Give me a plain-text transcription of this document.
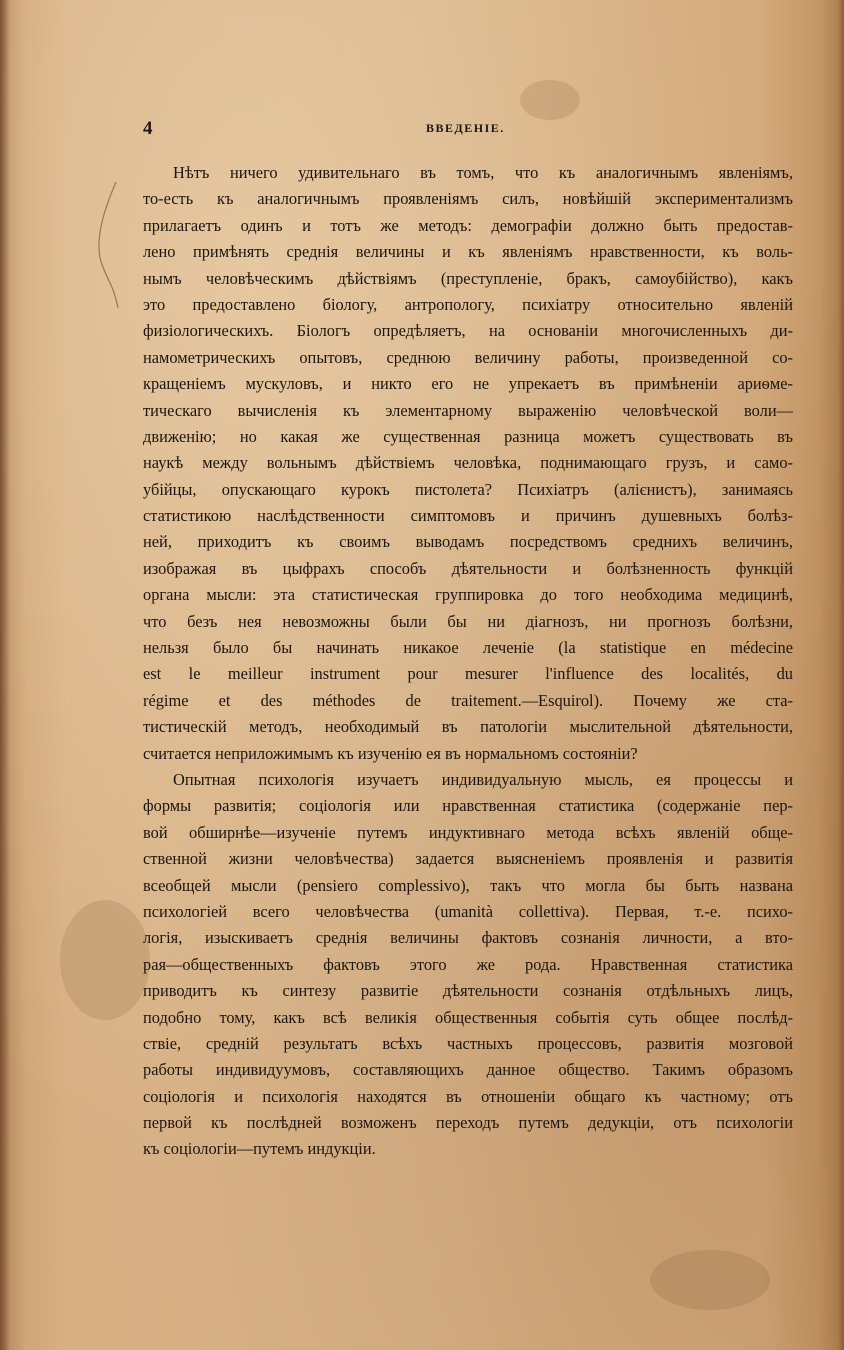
4	ВВЕДЕНІЕ.
Нѣтъ ничего удивительнаго въ томъ, что къ аналогичнымъ явленіямъ,
то-есть къ аналогичнымъ проявленіямъ силъ, новѣйшій экспериментализмъ
прилагаетъ одинъ и тотъ же методъ: демографіи должно быть предостав-
лено примѣнять среднія величины и къ явленіямъ нравственности, къ воль-
нымъ человѣческимъ дѣйствіямъ (преступленіе, бракъ, самоубійство), какъ
это предоставлено біологу, антропологу, психіатру относительно явленій
физіологическихъ. Біологъ опредѣляетъ, на основаніи многочисленныхъ ди-
намометрическихъ опытовъ, среднюю величину работы, произведенной со-
кращеніемъ мускуловъ, и никто его не упрекаетъ въ примѣненіи ариѳме-
тическаго вычисленія къ элементарному выраженію человѣческой воли—
движенію; но какая же существенная разница можетъ существовать въ
наукѣ между вольнымъ дѣйствіемъ человѣка, поднимающаго грузъ, и само-
убійцы, опускающаго курокъ пистолета? Психіатръ (алієнистъ), занимаясь
статистикою наслѣдственности симптомовъ и причинъ душевныхъ болѣз-
ней, приходитъ къ своимъ выводамъ посредствомъ среднихъ величинъ,
изображая въ цыфрахъ способъ дѣятельности и болѣзненность функцій
органа мысли: эта статистическая группировка до того необходима медицинѣ,
что безъ нея невозможны были бы ни діагнозъ, ни прогнозъ болѣзни,
нельзя было бы начинать никакое леченіе (la statistique en médecine
est le meilleur instrument pour mesurer l'influence des localités, du
régime et des méthodes de traitement.—Esquirol). Почему же ста-
тистическій методъ, необходимый въ патологіи мыслительной дѣятельности,
считается неприложимымъ къ изученію ея въ нормальномъ состояніи?
Опытная психологія изучаетъ индивидуальную мысль, ея процессы и
формы развитія; соціологія или нравственная статистика (содержаніе пер-
вой обширнѣе—изученіе путемъ индуктивнаго метода всѣхъ явленій обще-
ственной жизни человѣчества) задается выясненіемъ проявленія и развитія
всеобщей мысли (pensiero complessivo), такъ что могла бы быть названа
психологіей всего человѣчества (umanità collettiva). Первая, т.-е. психо-
логія, изыскиваетъ среднія величины фактовъ сознанія личности, а вто-
рая—общественныхъ фактовъ этого же рода. Нравственная статистика
приводитъ къ синтезу развитіе дѣятельности сознанія отдѣльныхъ лицъ,
подобно тому, какъ всѣ великія общественныя событія суть общее послѣд-
ствіе, средній результатъ всѣхъ частныхъ процессовъ, развитія мозговой
работы индивидуумовъ, составляющихъ данное общество. Такимъ образомъ
соціологія и психологія находятся въ отношеніи общаго къ частному; отъ
первой къ послѣдней возможенъ переходъ путемъ дедукціи, отъ психологіи
къ соціологіи—путемъ индукціи.
